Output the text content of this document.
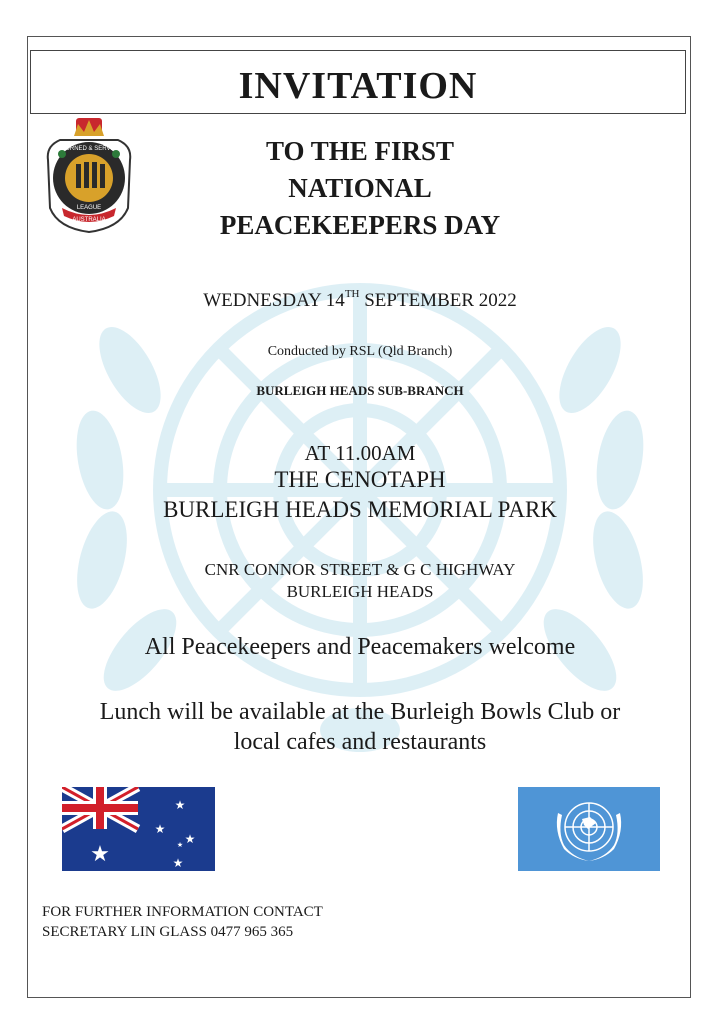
INVITATION
RETURNED & SERVICES
LEAGUE
AUSTRALIA
TO THE FIRST
NATIONAL
PEACEKEEPERS DAY
WEDNESDAY 14TH SEPTEMBER 2022
Conducted by RSL (Qld Branch)
BURLEIGH HEADS SUB-BRANCH
AT 11.00AM
THE CENOTAPH
BURLEIGH HEADS MEMORIAL PARK
CNR CONNOR STREET & G C HIGHWAY
BURLEIGH HEADS
All Peacekeepers and Peacemakers welcome
Lunch will be available at the Burleigh Bowls Club or
local cafes and restaurants
★
★
★
★
★
★
FOR FURTHER INFORMATION CONTACT
SECRETARY LIN GLASS 0477 965 365
